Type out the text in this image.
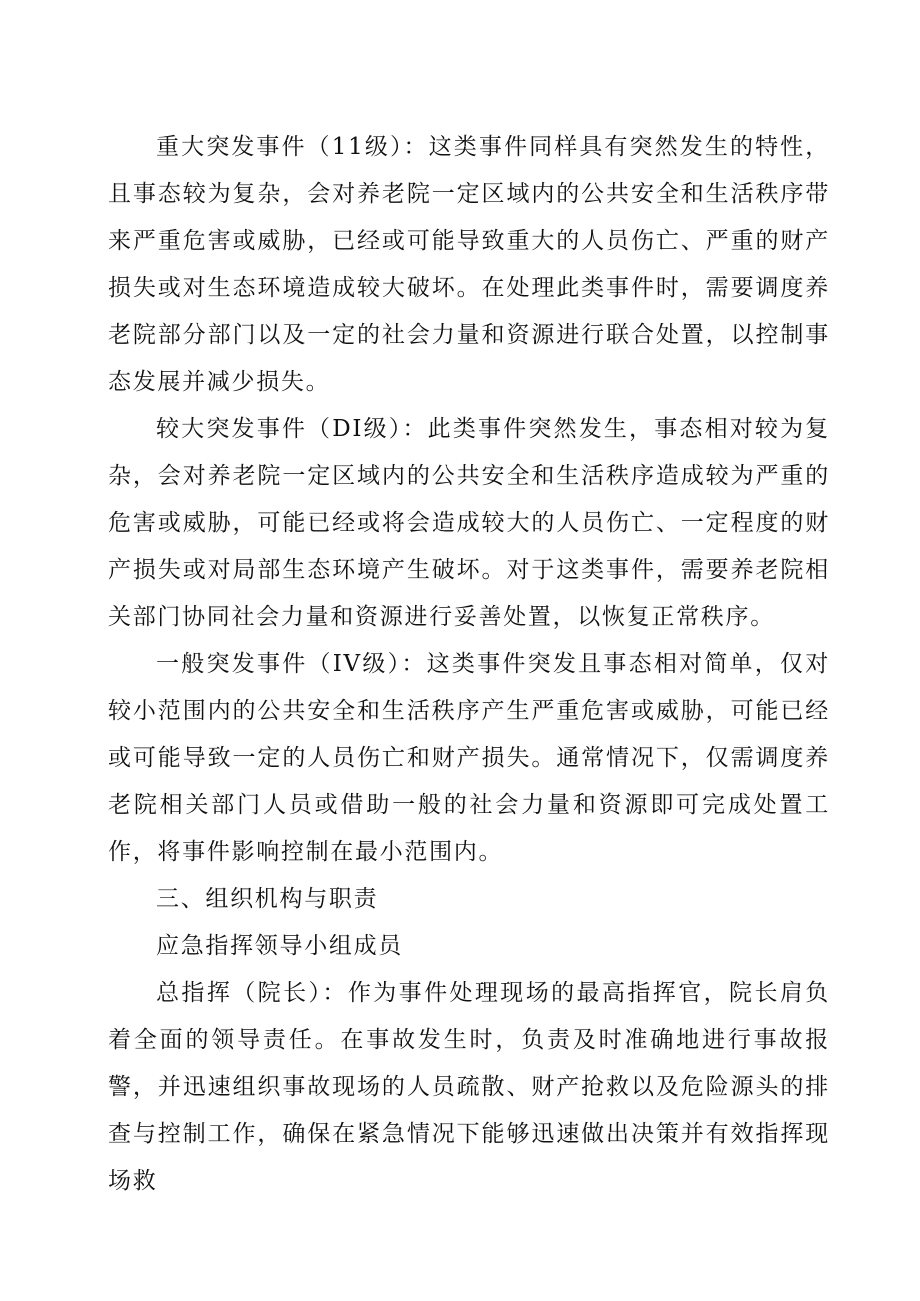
重大突发事件（11级）：这类事件同样具有突然发生的特性，且事态较为复杂，会对养老院一定区域内的公共安全和生活秩序带来严重危害或威胁，已经或可能导致重大的人员伤亡、严重的财产损失或对生态环境造成较大破坏。在处理此类事件时，需要调度养老院部分部门以及一定的社会力量和资源进行联合处置，以控制事态发展并减少损失。

较大突发事件（DI级）：此类事件突然发生，事态相对较为复杂，会对养老院一定区域内的公共安全和生活秩序造成较为严重的危害或威胁，可能已经或将会造成较大的人员伤亡、一定程度的财产损失或对局部生态环境产生破坏。对于这类事件，需要养老院相关部门协同社会力量和资源进行妥善处置，以恢复正常秩序。

一般突发事件（IV级）：这类事件突发且事态相对简单，仅对较小范围内的公共安全和生活秩序产生严重危害或威胁，可能已经或可能导致一定的人员伤亡和财产损失。通常情况下，仅需调度养老院相关部门人员或借助一般的社会力量和资源即可完成处置工作，将事件影响控制在最小范围内。

三、组织机构与职责

应急指挥领导小组成员

总指挥（院长）：作为事件处理现场的最高指挥官，院长肩负着全面的领导责任。在事故发生时，负责及时准确地进行事故报警，并迅速组织事故现场的人员疏散、财产抢救以及危险源头的排查与控制工作，确保在紧急情况下能够迅速做出决策并有效指挥现场救
